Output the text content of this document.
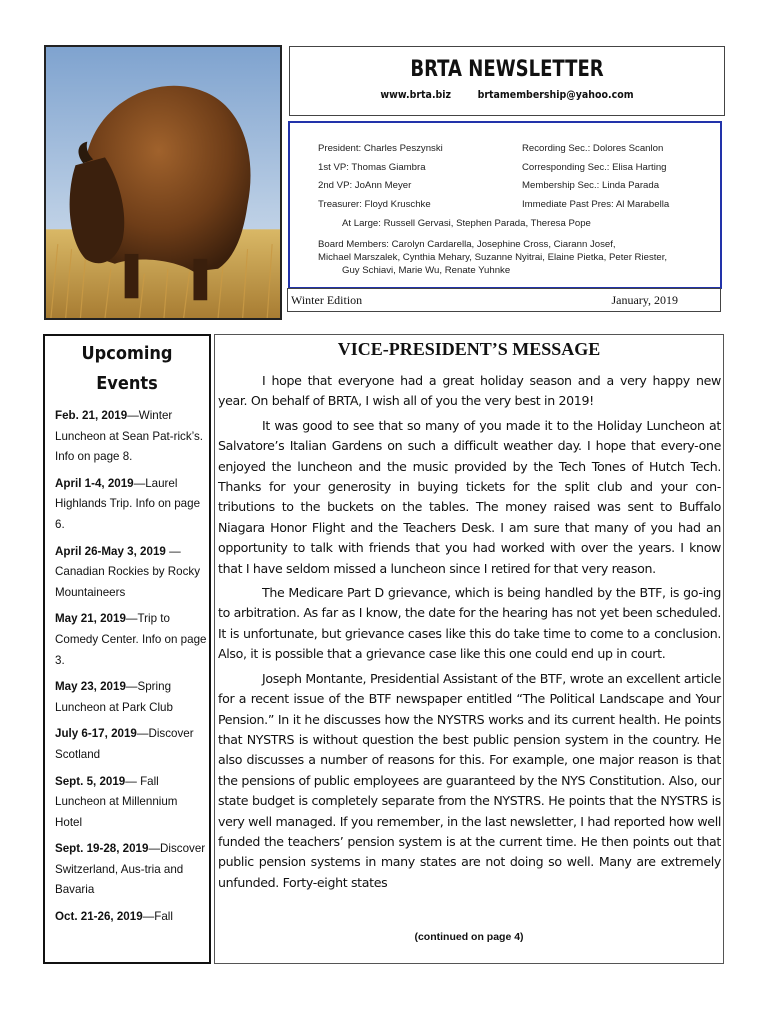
BRTA NEWSLETTER
www.brta.biz brtamembership@yahoo.com
President: Charles Peszynski	Recording Sec.: Dolores Scanlon
1st VP: Thomas Giambra	Corresponding Sec.: Elisa Harting
2nd VP: JoAnn Meyer	Membership Sec.: Linda Parada
Treasurer: Floyd Kruschke	Immediate Past Pres: Al Marabella
At Large: Russell Gervasi, Stephen Parada, Theresa Pope
Board Members: Carolyn Cardarella, Josephine Cross, Ciarann Josef,
Michael Marszalek, Cynthia Mehary, Suzanne Nyitrai, Elaine Pietka, Peter Riester,
Guy Schiavi, Marie Wu, Renate Yuhnke
Winter Edition	January, 2019
Upcoming
Events
Feb. 21, 2019—Winter Luncheon at Sean Pat-rick’s. Info on page 8.
April 1-4, 2019—Laurel Highlands Trip. Info on page 6.
April 26-May 3, 2019 — Canadian Rockies by Rocky Mountaineers
May 21, 2019—Trip to Comedy Center. Info on page 3.
May 23, 2019—Spring Luncheon at Park Club
July 6-17, 2019—Discover Scotland
Sept. 5, 2019— Fall Luncheon at Millennium Hotel
Sept. 19-28, 2019—Discover Switzerland, Aus-tria and Bavaria
Oct. 21-26, 2019—Fall
VICE-PRESIDENT’S MESSAGE

I hope that everyone had a great holiday season and a very happy new year. On behalf of BRTA, I wish all of you the very best in 2019!

It was good to see that so many of you made it to the Holiday Luncheon at Salvatore’s Italian Gardens on such a difficult weather day. I hope that every-one enjoyed the luncheon and the music provided by the Tech Tones of Hutch Tech. Thanks for your generosity in buying tickets for the split club and your con-tributions to the buckets on the tables. The money raised was sent to Buffalo Niagara Honor Flight and the Teachers Desk. I am sure that many of you had an opportunity to talk with friends that you had worked with over the years. I know that I have seldom missed a luncheon since I retired for that very reason.

The Medicare Part D grievance, which is being handled by the BTF, is go-ing to arbitration. As far as I know, the date for the hearing has not yet been scheduled. It is unfortunate, but grievance cases like this do take time to come to a conclusion. Also, it is possible that a grievance case like this one could end up in court.

Joseph Montante, Presidential Assistant of the BTF, wrote an excellent article for a recent issue of the BTF newspaper entitled “The Political Landscape and Your Pension.” In it he discusses how the NYSTRS works and its current health. He points that NYSTRS is without question the best public pension system in the country. He also discusses a number of reasons for this. For example, one major reason is that the pensions of public employees are guaranteed by the NYS Constitution. Also, our state budget is completely separate from the NYSTRS. He points that the NYSTRS is very well managed. If you remember, in the last newsletter, I had reported how well funded the teachers’ pension system is at the current time. He then points out that public pension systems in many states are not doing so well. Many are extremely unfunded. Forty-eight states

(continued on page 4)
